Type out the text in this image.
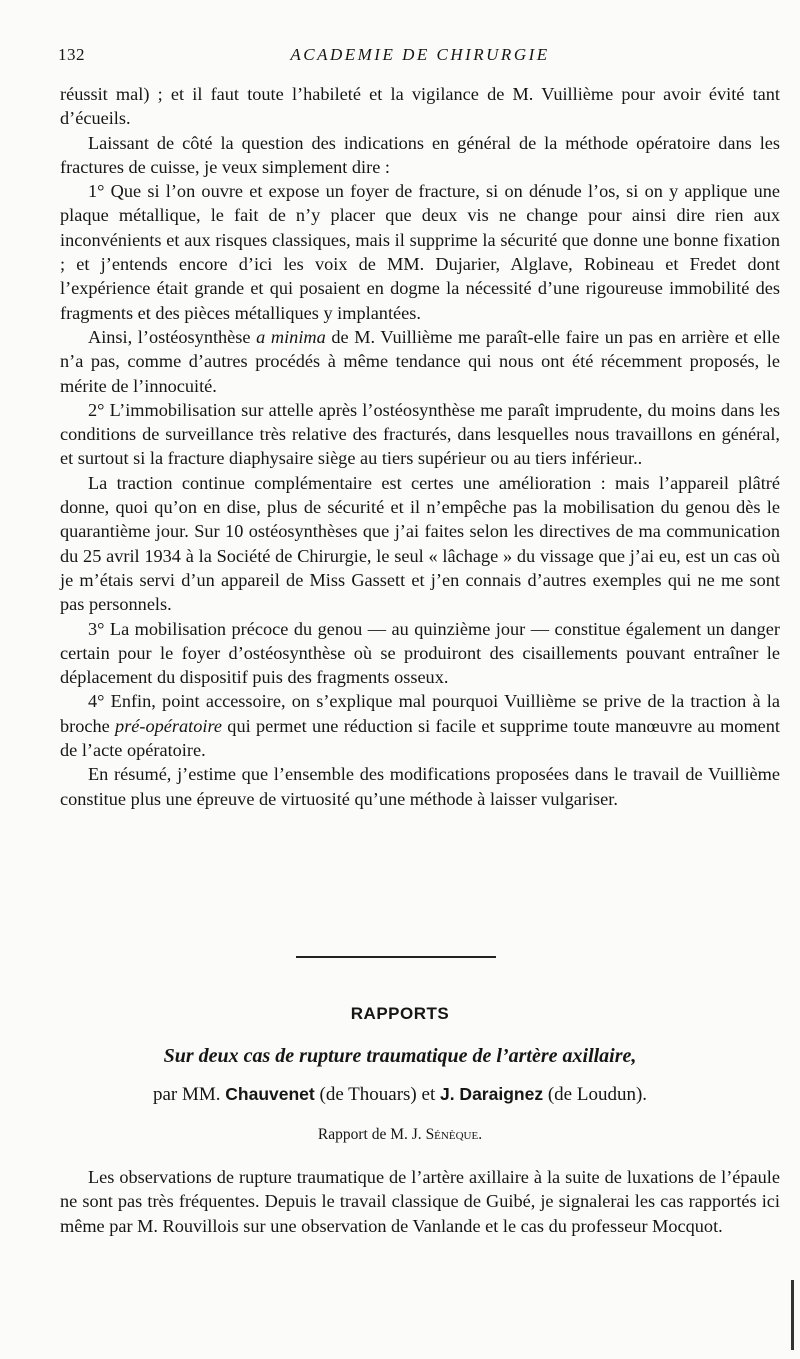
132	ACADEMIE DE CHIRURGIE

réussit mal) ; et il faut toute l’habileté et la vigilance de M. Vuillième pour avoir évité tant d’écueils.

Laissant de côté la question des indications en général de la méthode opératoire dans les fractures de cuisse, je veux simplement dire :

1° Que si l’on ouvre et expose un foyer de fracture, si on dénude l’os, si on y applique une plaque métallique, le fait de n’y placer que deux vis ne change pour ainsi dire rien aux inconvénients et aux risques classiques, mais il supprime la sécurité que donne une bonne fixation ; et j’entends encore d’ici les voix de MM. Dujarier, Alglave, Robineau et Fredet dont l’expérience était grande et qui posaient en dogme la nécessité d’une rigoureuse immobilité des fragments et des pièces métalliques y implantées.

Ainsi, l’ostéosynthèse a minima de M. Vuillième me paraît-elle faire un pas en arrière et elle n’a pas, comme d’autres procédés à même tendance qui nous ont été récemment proposés, le mérite de l’innocuité.

2° L’immobilisation sur attelle après l’ostéosynthèse me paraît imprudente, du moins dans les conditions de surveillance très relative des fracturés, dans lesquelles nous travaillons en général, et surtout si la fracture diaphysaire siège au tiers supérieur ou au tiers inférieur..

La traction continue complémentaire est certes une amélioration : mais l’appareil plâtré donne, quoi qu’on en dise, plus de sécurité et il n’empêche pas la mobilisation du genou dès le quarantième jour. Sur 10 ostéosynthèses que j’ai faites selon les directives de ma communication du 25 avril 1934 à la Société de Chirurgie, le seul « lâchage » du vissage que j’ai eu, est un cas où je m’étais servi d’un appareil de Miss Gassett et j’en connais d’autres exemples qui ne me sont pas personnels.

3° La mobilisation précoce du genou — au quinzième jour — constitue également un danger certain pour le foyer d’ostéosynthèse où se produiront des cisaillements pouvant entraîner le déplacement du dispositif puis des fragments osseux.

4° Enfin, point accessoire, on s’explique mal pourquoi Vuillième se prive de la traction à la broche pré-opératoire qui permet une réduction si facile et supprime toute manœuvre au moment de l’acte opératoire.

En résumé, j’estime que l’ensemble des modifications proposées dans le travail de Vuillième constitue plus une épreuve de virtuosité qu’une méthode à laisser vulgariser.

RAPPORTS
Sur deux cas de rupture traumatique de l’artère axillaire,
par MM. Chauvenet (de Thouars) et J. Daraignez (de Loudun).
Rapport de M. J. Sénèque.

Les observations de rupture traumatique de l’artère axillaire à la suite de luxations de l’épaule ne sont pas très fréquentes. Depuis le travail classique de Guibé, je signalerai les cas rapportés ici même par M. Rouvillois sur une observation de Vanlande et le cas du professeur Mocquot.
